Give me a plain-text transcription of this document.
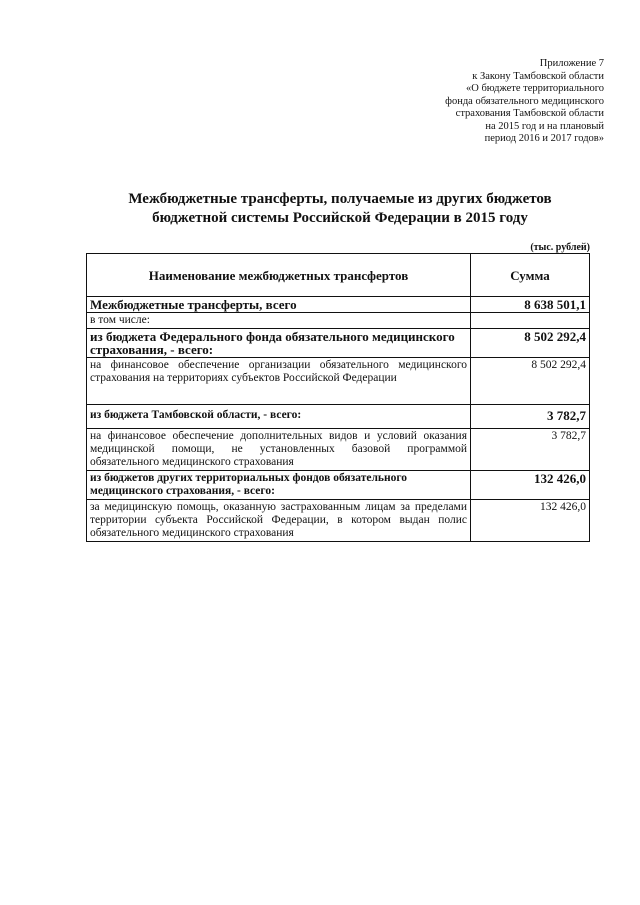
Приложение 7
к Закону Тамбовской области
«О бюджете территориального
фонда обязательного медицинского
страхования Тамбовской области
на 2015 год и на плановый
период 2016 и 2017 годов»
Межбюджетные трансферты, получаемые из других бюджетов
бюджетной системы Российской Федерации в 2015 году
(тыс. рублей)
Наименование межбюджетных трансфертов	Сумма
Межбюджетные трансферты, всего	8 638 501,1
в том числе:	
из бюджета Федерального фонда обязательного медицинского страхования, - всего:	8 502 292,4
на финансовое обеспечение организации обязательного медицинского страхования на территориях субъектов Российской Федерации	8 502 292,4
из бюджета Тамбовской области, - всего:	3 782,7
на финансовое обеспечение дополнительных видов и условий оказания медицинской помощи, не установленных базовой программой обязательного медицинского страхования	3 782,7
из бюджетов других территориальных фондов обязательного медицинского страхования, - всего:	132 426,0
за медицинскую помощь, оказанную застрахованным лицам за пределами территории субъекта Российской Федерации, в котором выдан полис обязательного медицинского страхования	132 426,0
